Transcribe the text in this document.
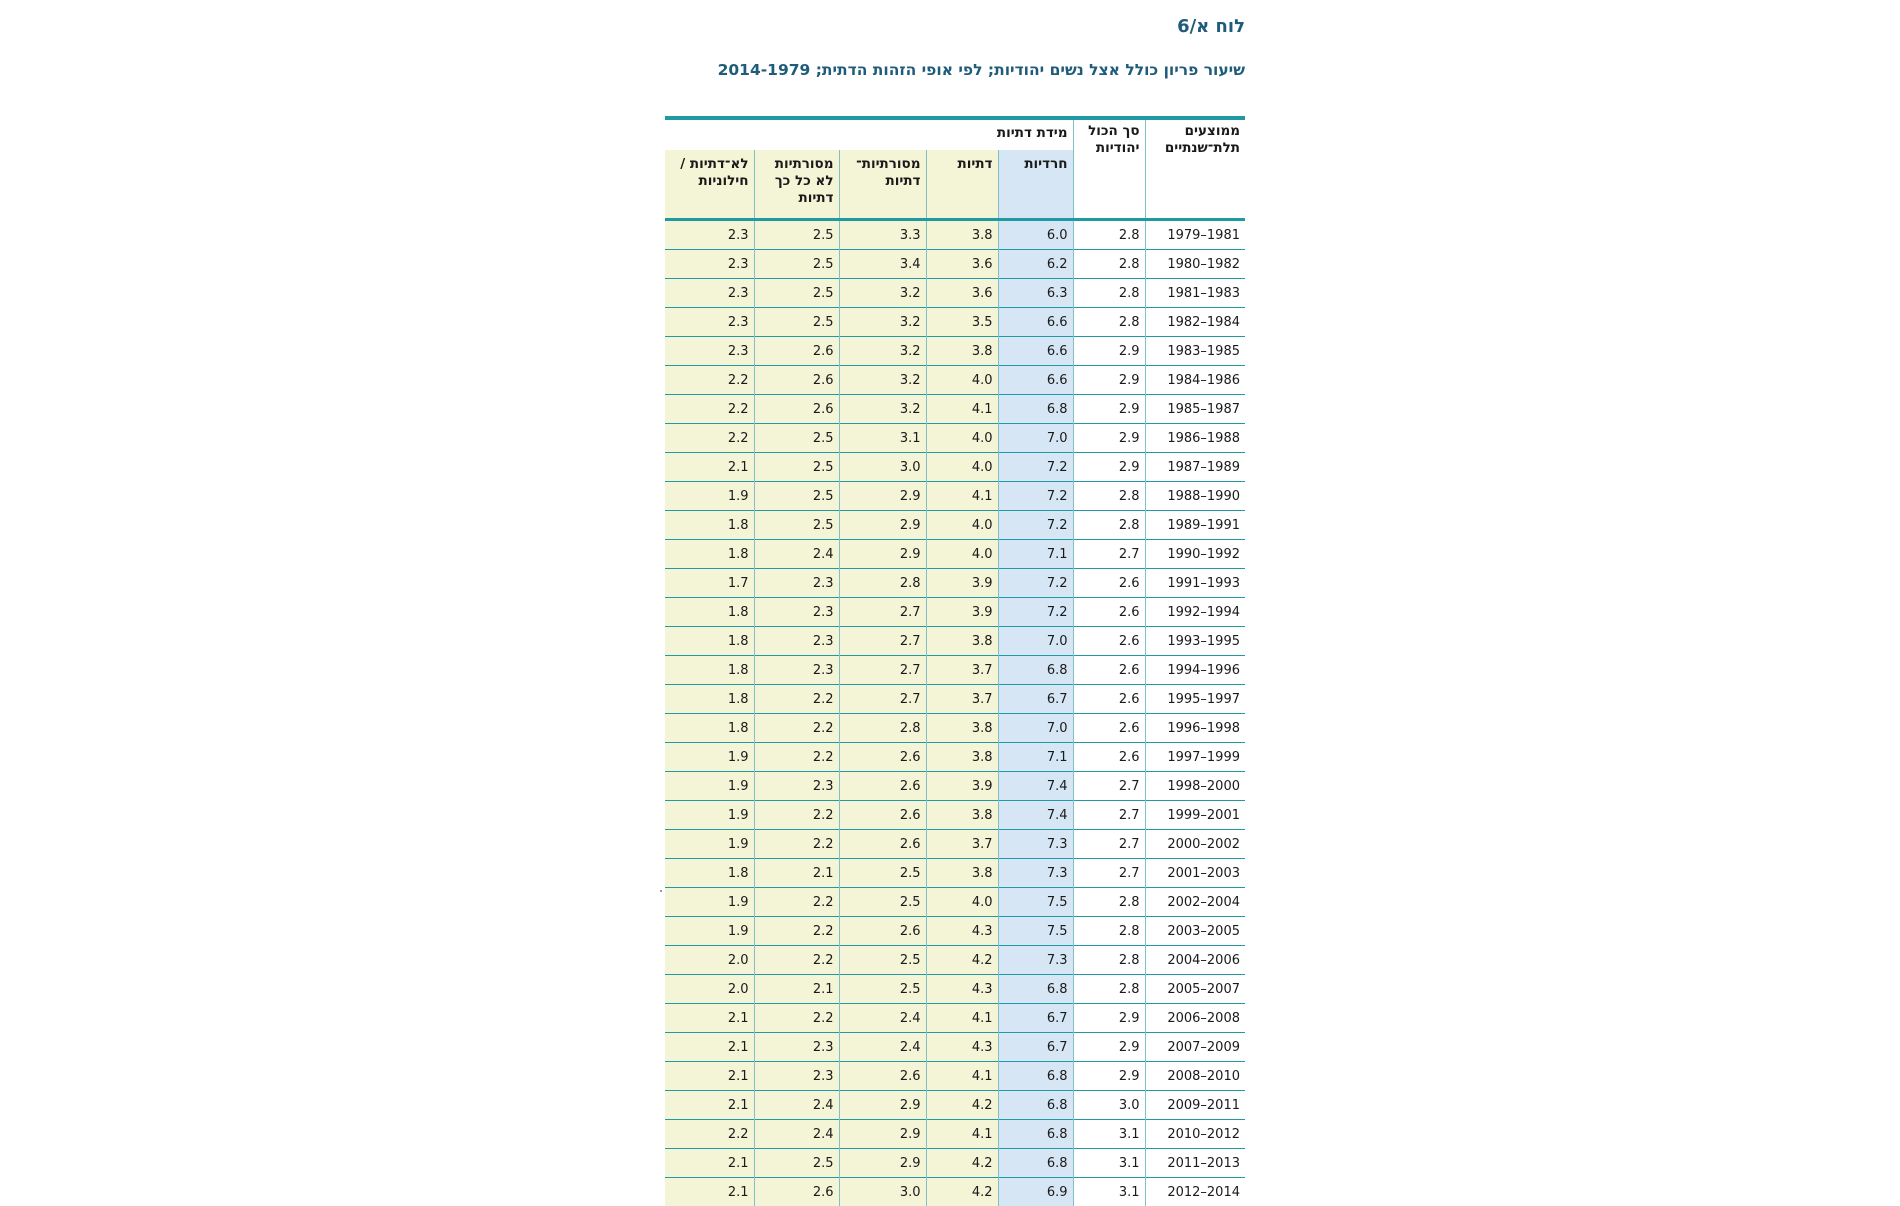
לוח א/6
שיעור פריון כולל אצל נשים יהודיות; לפי אופי הזהות הדתית; 2014-1979
ממוצעים תלת־שנתיים	סך הכול יהודיות	מידת דתיות				
		חרדיות	דתיות	מסורתיות־ דתיות	מסורתיות לא כל כך דתיות	לא־דתיות / חילוניות
1981–1979	2.8	6.0	3.8	3.3	2.5	2.3
1982–1980	2.8	6.2	3.6	3.4	2.5	2.3
1983–1981	2.8	6.3	3.6	3.2	2.5	2.3
1984–1982	2.8	6.6	3.5	3.2	2.5	2.3
1985–1983	2.9	6.6	3.8	3.2	2.6	2.3
1986–1984	2.9	6.6	4.0	3.2	2.6	2.2
1987–1985	2.9	6.8	4.1	3.2	2.6	2.2
1988–1986	2.9	7.0	4.0	3.1	2.5	2.2
1989–1987	2.9	7.2	4.0	3.0	2.5	2.1
1990–1988	2.8	7.2	4.1	2.9	2.5	1.9
1991–1989	2.8	7.2	4.0	2.9	2.5	1.8
1992–1990	2.7	7.1	4.0	2.9	2.4	1.8
1993–1991	2.6	7.2	3.9	2.8	2.3	1.7
1994–1992	2.6	7.2	3.9	2.7	2.3	1.8
1995–1993	2.6	7.0	3.8	2.7	2.3	1.8
1996–1994	2.6	6.8	3.7	2.7	2.3	1.8
1997–1995	2.6	6.7	3.7	2.7	2.2	1.8
1998–1996	2.6	7.0	3.8	2.8	2.2	1.8
1999–1997	2.6	7.1	3.8	2.6	2.2	1.9
2000–1998	2.7	7.4	3.9	2.6	2.3	1.9
2001–1999	2.7	7.4	3.8	2.6	2.2	1.9
2002–2000	2.7	7.3	3.7	2.6	2.2	1.9
2003–2001	2.7	7.3	3.8	2.5	2.1	1.8
2004–2002	2.8	7.5	4.0	2.5	2.2	1.9
2005–2003	2.8	7.5	4.3	2.6	2.2	1.9
2006–2004	2.8	7.3	4.2	2.5	2.2	2.0
2007–2005	2.8	6.8	4.3	2.5	2.1	2.0
2008–2006	2.9	6.7	4.1	2.4	2.2	2.1
2009–2007	2.9	6.7	4.3	2.4	2.3	2.1
2010–2008	2.9	6.8	4.1	2.6	2.3	2.1
2011–2009	3.0	6.8	4.2	2.9	2.4	2.1
2012–2010	3.1	6.8	4.1	2.9	2.4	2.2
2013–2011	3.1	6.8	4.2	2.9	2.5	2.1
2014–2012	3.1	6.9	4.2	3.0	2.6	2.1
